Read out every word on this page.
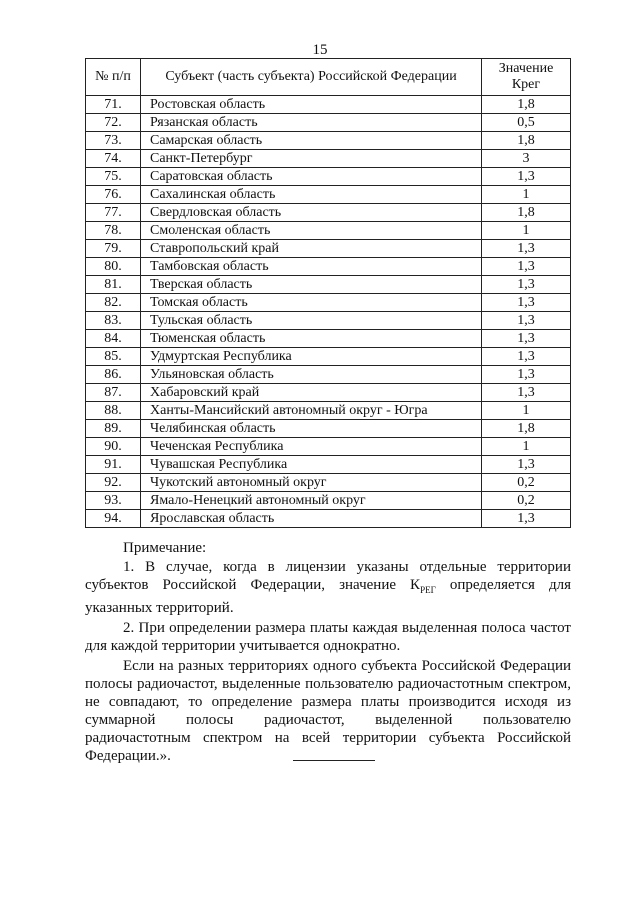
15
№ п/п	Субъект (часть субъекта) Российской Федерации	Значение Крег
71.	Ростовская область	1,8
72.	Рязанская область	0,5
73.	Самарская область	1,8
74.	Санкт-Петербург	3
75.	Саратовская область	1,3
76.	Сахалинская область	1
77.	Свердловская область	1,8
78.	Смоленская область	1
79.	Ставропольский край	1,3
80.	Тамбовская область	1,3
81.	Тверская область	1,3
82.	Томская область	1,3
83.	Тульская область	1,3
84.	Тюменская область	1,3
85.	Удмуртская Республика	1,3
86.	Ульяновская область	1,3
87.	Хабаровский край	1,3
88.	Ханты-Мансийский автономный округ - Югра	1
89.	Челябинская область	1,8
90.	Чеченская Республика	1
91.	Чувашская Республика	1,3
92.	Чукотский автономный округ	0,2
93.	Ямало-Ненецкий автономный округ	0,2
94.	Ярославская область	1,3
Примечание:

1. В случае, когда в лицензии указаны отдельные территории субъектов Российской Федерации, значение $К_{РЕГ}$ определяется для указанных территорий.

2. При определении размера платы каждая выделенная полоса частот для каждой территории учитывается однократно.

Если на разных территориях одного субъекта Российской Федерации полосы радиочастот, выделенные пользователю радиочастотным спектром, не совпадают, то определение размера платы производится исходя из суммарной полосы радиочастот, выделенной пользователю радиочастотным спектром на всей территории субъекта Российской Федерации.».
